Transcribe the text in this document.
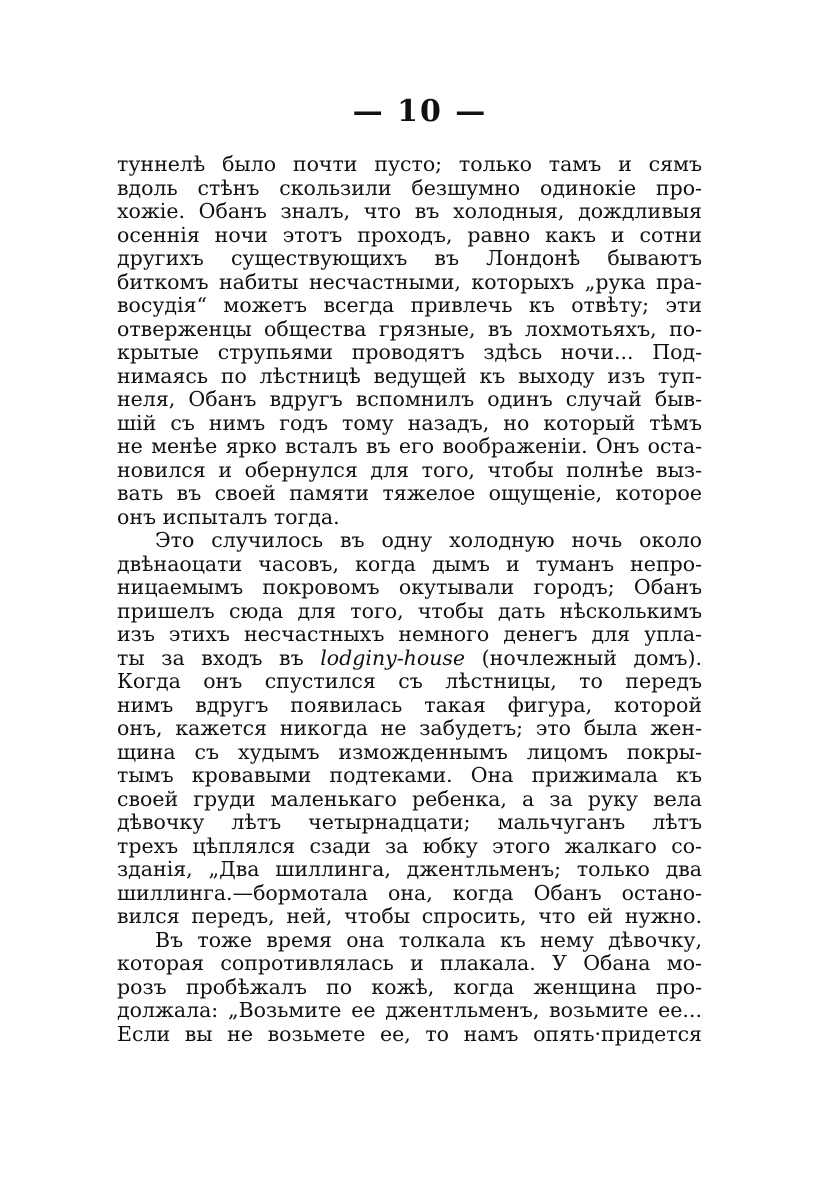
— 10 —
туннелѣ было почти пусто; только тамъ и сямъ
вдоль стѣнъ скользили безшумно одинокіе про-
хожіе. Обанъ зналъ, что въ холодныя, дождливыя
осеннія ночи этотъ проходъ, равно какъ и сотни
другихъ существующихъ въ Лондонѣ бываютъ
биткомъ набиты несчастными, которыхъ „рука пра-
восудія“ можетъ всегда привлечь къ отвѣту; эти
отверженцы общества грязные, въ лохмотьяхъ, по-
крытые струпьями проводятъ здѣсь ночи... Под-
нимаясь по лѣстницѣ ведущей къ выходу изъ туп-
неля, Обанъ вдругъ вспомнилъ одинъ случай быв-
шій съ нимъ годъ тому назадъ, но который тѣмъ
не менѣе ярко всталъ въ его воображеніи. Онъ оста-
новился и обернулся для того, чтобы полнѣе выз-
вать въ своей памяти тяжелое ощущеніе, которое
онъ испыталъ тогда.
Это случилось въ одну холодную ночь около
двѣнаоцати часовъ, когда дымъ и туманъ непро-
ницаемымъ покровомъ окутывали городъ; Обанъ
пришелъ сюда для того, чтобы дать нѣсколькимъ
изъ этихъ несчастныхъ немного денегъ для упла-
ты за входъ въ lodginy-house (ночлежный домъ).
Когда онъ спустился съ лѣстницы, то передъ
нимъ вдругъ появилась такая фигура, которой
онъ, кажется никогда не забудетъ; это была жен-
щина съ худымъ изможденнымъ лицомъ покры-
тымъ кровавыми подтеками. Она прижимала къ
своей груди маленькаго ребенка, а за руку вела
дѣвочку лѣтъ четырнадцати; мальчуганъ лѣтъ
трехъ цѣплялся сзади за юбку этого жалкаго со-
зданія, „Два шиллинга, джентльменъ; только два
шиллинга.—бормотала она, когда Обанъ остано-
вился передъ, ней, чтобы спросить, что ей нужно.
Въ тоже время она толкала къ нему дѣвочку,
которая сопротивлялась и плакала. У Обана мо-
розъ пробѣжалъ по кожѣ, когда женщина про-
должала: „Возьмите ее джентльменъ, возьмите ее...
Если вы не возьмете ее, то намъ опять·придется
